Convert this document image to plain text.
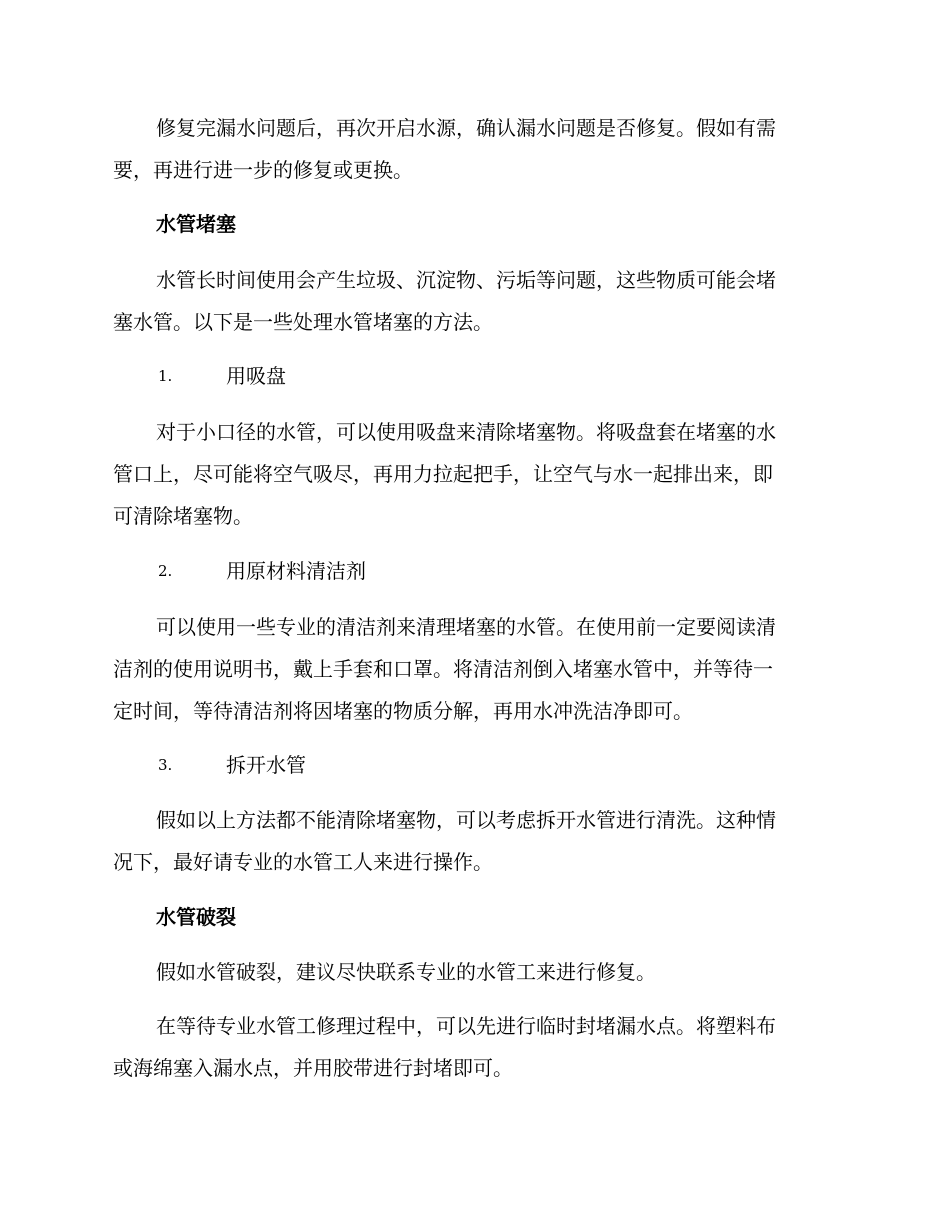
修复完漏水问题后，再次开启水源，确认漏水问题是否修复。假如有需
要，再进行进一步的修复或更换。
水管堵塞
水管长时间使用会产生垃圾、沉淀物、污垢等问题，这些物质可能会堵
塞水管。以下是一些处理水管堵塞的方法。
1.	用吸盘
对于小口径的水管，可以使用吸盘来清除堵塞物。将吸盘套在堵塞的水
管口上，尽可能将空气吸尽，再用力拉起把手，让空气与水一起排出来，即
可清除堵塞物。
2.	用原材料清洁剂
可以使用一些专业的清洁剂来清理堵塞的水管。在使用前一定要阅读清
洁剂的使用说明书，戴上手套和口罩。将清洁剂倒入堵塞水管中，并等待一
定时间，等待清洁剂将因堵塞的物质分解，再用水冲洗洁净即可。
3.	拆开水管
假如以上方法都不能清除堵塞物，可以考虑拆开水管进行清洗。这种情
况下，最好请专业的水管工人来进行操作。
水管破裂
假如水管破裂，建议尽快联系专业的水管工来进行修复。
在等待专业水管工修理过程中，可以先进行临时封堵漏水点。将塑料布
或海绵塞入漏水点，并用胶带进行封堵即可。
